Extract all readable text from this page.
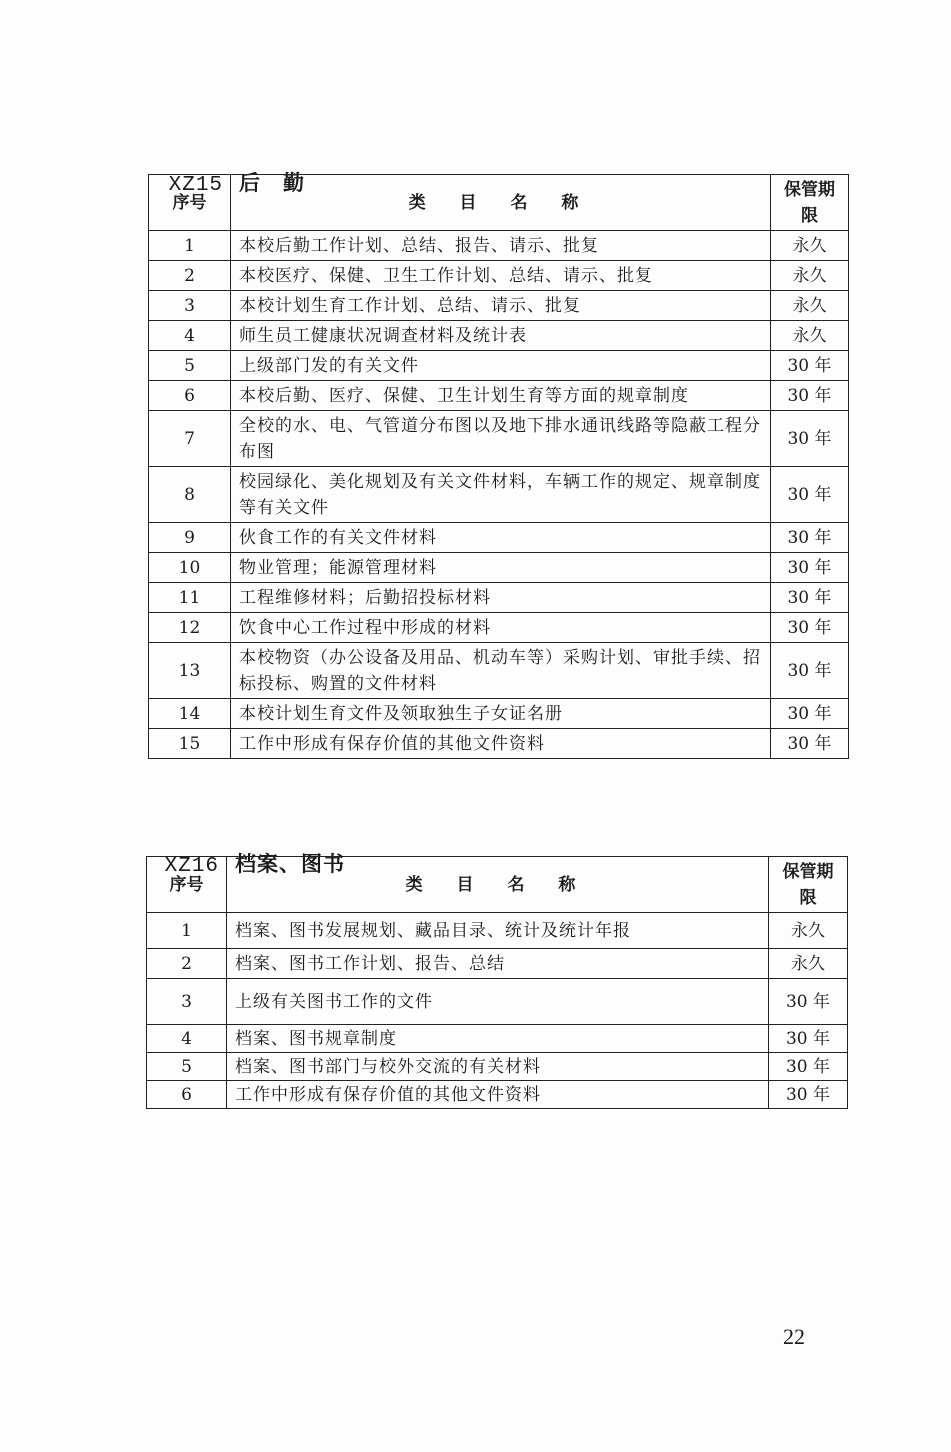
XZ15 后　勤

序号	类 目 名 称	保管期限
1	本校后勤工作计划、总结、报告、请示、批复	永久
2	本校医疗、保健、卫生工作计划、总结、请示、批复	永久
3	本校计划生育工作计划、总结、请示、批复	永久
4	师生员工健康状况调查材料及统计表	永久
5	上级部门发的有关文件	30 年
6	本校后勤、医疗、保健、卫生计划生育等方面的规章制度	30 年
7	全校的水、电、气管道分布图以及地下排水通讯线路等隐蔽工程分布图	30 年
8	校园绿化、美化规划及有关文件材料，车辆工作的规定、规章制度等有关文件	30 年
9	伙食工作的有关文件材料	30 年
10	物业管理；能源管理材料	30 年
11	工程维修材料；后勤招投标材料	30 年
12	饮食中心工作过程中形成的材料	30 年
13	本校物资（办公设备及用品、机动车等）采购计划、审批手续、招标投标、购置的文件材料	30 年
14	本校计划生育文件及领取独生子女证名册	30 年
15	工作中形成有保存价值的其他文件资料	30 年

XZ16 档案、图书

序号	类 目 名 称	保管期限
1	档案、图书发展规划、藏品目录、统计及统计年报	永久
2	档案、图书工作计划、报告、总结	永久
3	上级有关图书工作的文件	30 年
4	档案、图书规章制度	30 年
5	档案、图书部门与校外交流的有关材料	30 年
6	工作中形成有保存价值的其他文件资料	30 年
22
